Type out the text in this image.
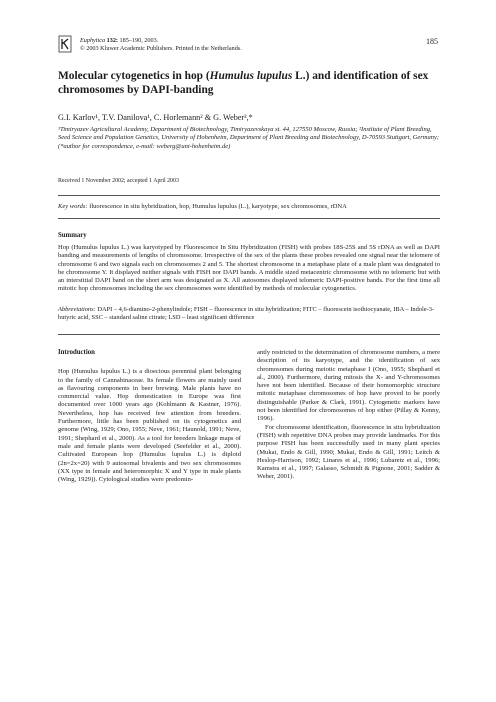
Euphytica 132: 185–190, 2003.
© 2003 Kluwer Academic Publishers. Printed in the Netherlands.
185
Molecular cytogenetics in hop (Humulus lupulus L.) and identification of sex chromosomes by DAPI-banding
G.I. Karlov¹, T.V. Danilova¹, C. Horlemann² & G. Weber²,*
¹Timiryazev Agricultural Academy, Department of Biotechnology, Timiryazevskaya st. 44, 127550 Moscow, Russia; ²Institute of Plant Breeding, Seed Science and Population Genetics, University of Hohenheim, Department of Plant Breeding and Biotechnology, D-70593 Stuttgart, Germany; (*author for correspondence, e-mail: weberg@uni-hohenheim.de)
Received 1 November 2002; accepted 1 April 2003
Key words: fluorescence in situ hybridization, hop, Humulus lupulus (L.), karyotype, sex chromosomes, rDNA
Summary
Hop (Humulus lupulus L.) was karyotyped by Fluorescence In Situ Hybridization (FISH) with probes 18S-25S and 5S rDNA as well as DAPI banding and measurements of lengths of chromosome. Irrespective of the sex of the plants these probes revealed one signal near the telomere of chromosome 6 and two signals each on chromosomes 2 and 5. The shortest chromosome in a metaphase plate of a male plant was designated to be chromosome Y. It displayed neither signals with FISH nor DAPI bands. A middle sized metacentric chromosome with no telomeric but with an interstitial DAPI band on the short arm was designated as X. All autosomes displayed telomeric DAPI-positive bands. For the first time all mitotic hop chromosomes including the sex chromosomes were identified by methods of molecular cytogenetics.
Abbreviations: DAPI – 4,6-diamino-2-phenylindole; FISH – fluorescence in situ hybridization; FITC – fluorescein isothiocyanate, IBA – Indole-3-butyric acid, SSC – standard saline citrate; LSD – least significant difference
Introduction

Hop (Humulus lupulus L.) is a dioecious perennial plant belonging to the family of Cannabinaceae. Its female flowers are mainly used as flavouring components in beer brewing. Male plants have no commercial value. Hop domestication in Europe was first documented over 1000 years ago (Kohlmann & Kastner, 1976). Nevertheless, hop has received few attention from breeders. Furthermore, little has been published on its cytogenetics and genome (Wing, 1929; Ono, 1955; Neve, 1961; Haunold, 1991; Neve, 1991; Shephard et al., 2000). As a tool for breeders linkage maps of male and female plants were developed (Seefelder et al., 2000). Cultivated European hop (Humulus lupulus L.) is diploid (2n=2x=20) with 9 autosomal bivalents and two sex chromosomes (XX type in female and heteromorphic X and Y type in male plants (Wing, 1929)). Cytological studies were predomin-

antly restricted to the determination of chromosome numbers, a mere description of its karyotype, and the identification of sex chromosomes during meiotic metaphase I (Ono, 1955; Shephard et al., 2000). Furthermore, during mitosis the X- and Y-chromosomes have not been identified. Because of their homomorphic structure mitotic metaphase chromosomes of hop have proved to be poorly distinguishable (Parker & Clark, 1991). Cytogenetic markers have not been identified for chromosomes of hop either (Pillay & Kenny, 1996).

For chromosome identification, fluorescence in situ hybridization (FISH) with repetitive DNA probes may provide landmarks. For this purpose FISH has been successfully used in many plant species (Mukai, Endo & Gill, 1990; Mukai, Endo & Gill, 1991; Leitch & Heslop-Harrison, 1992; Linares et al., 1996; Lubaretz et al., 1996; Kamstra et al., 1997; Galasso, Schmidt & Pignone, 2001; Sadder & Weber, 2001).
